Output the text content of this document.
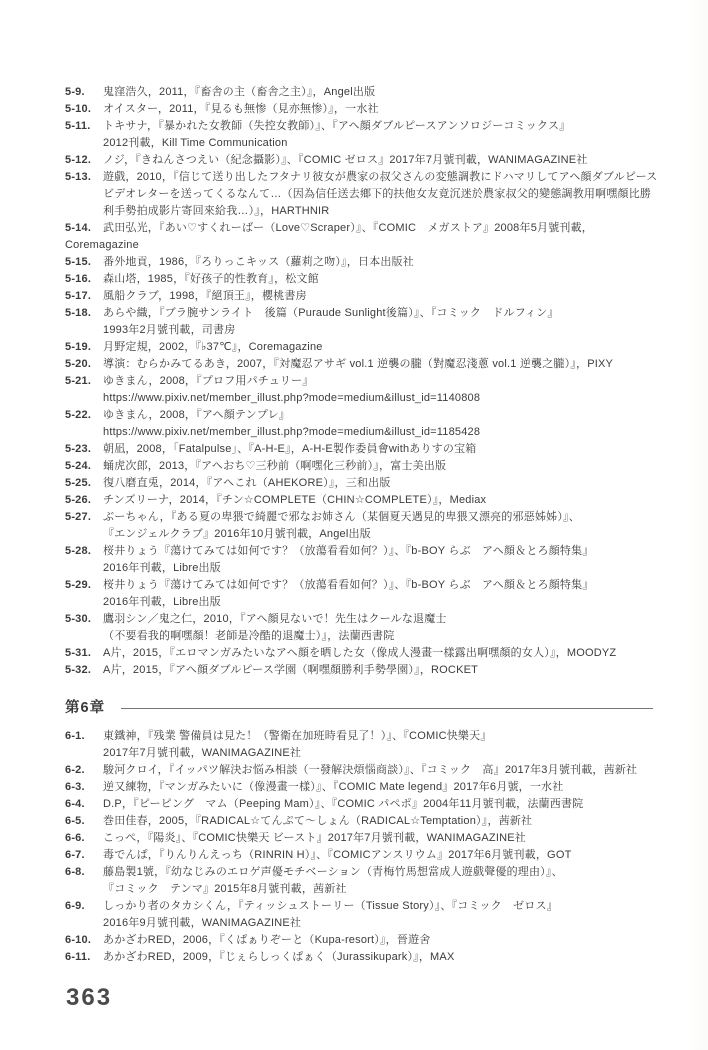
5-9.	鬼窪浩久，2011，『畜舎の主（畜舎之主）』，Angel出版
5-10.	オイスター，2011，『見るも無惨（見亦無惨）』，一水社
5-11.	トキサナ，『暴かれた女教師（失控女教師）』、『アヘ顔ダブルピースアンソロジーコミックス』
2012刊載，Kill Time Communication
5-12.	ノジ，『きねんさつえい（紀念攝影）』、『COMIC ゼロス』2017年7月號刊載，WANIMAGAZINE社
5-13.	遊戲，2010，『信じて送り出したフタナリ彼女が農家の叔父さんの変態調教にドハマリしてアヘ顔ダブルピース
ビデオレターを送ってくるなんて…（因為信任送去鄉下的扶他女友竟沉迷於農家叔父的變態調教用啊嘿顏比勝
利手勢拍成影片寄回來給我…）』，HARTHNIR
5-14.	武田弘光，『あい♡すくれーばー（Love♡Scraper）』、『COMIC　メガストア』2008年5月號刊載，
Coremagazine
5-15.	番外地貢，1986，『ろりっこキッス（蘿莉之吻）』，日本出版社
5-16.	森山塔，1985，『好孩子的性教育』，松文館
5-17.	風船クラブ，1998，『絕頂王』，櫻桃書房
5-18.	あらや織，『ブラ腕サンライト　後篇（Puraude Sunlight後篇）』、『コミック　ドルフィン』
1993年2月號刊載，司書房
5-19.	月野定規，2002，『♭37℃』，Coremagazine
5-20.	導演：むらかみてるあき，2007，『対魔忍アサギ vol.1 逆襲の朧（對魔忍淺蔥 vol.1 逆襲之朧）』，PIXY
5-21.	ゆきまん，2008，『プロフ用パチュリー』
https://www.pixiv.net/member_illust.php?mode=medium&illust_id=1140808
5-22.	ゆきまん，2008，『アヘ顔テンプレ』
https://www.pixiv.net/member_illust.php?mode=medium&illust_id=1185428
5-23.	朝凪，2008，「Fatalpulse」、『A-H-E』，A-H-E製作委員會withありすの宝箱
5-24.	蛹虎次郎，2013，『アヘおち♡三秒前（啊嘿化三秒前）』，富士美出版
5-25.	復八磨直兎，2014，『アヘこれ（AHEKORE）』，三和出版
5-26.	チンズリーナ，2014，『チン☆COMPLETE（CHIN☆COMPLETE）』，Mediax
5-27.	ぶーちゃん，『ある夏の卑猥で綺麗で邪なお姉さん（某個夏天遇見的卑猥又漂亮的邪惡姊姊）』、
『エンジェルクラブ』2016年10月號刊載，Angel出版
5-28.	桜井りょう『蕩けてみては如何です？（放蕩看看如何？）』、『b-BOY らぶ　アヘ顔＆とろ顔特集』
2016年刊載，Libre出版
5-29.	桜井りょう『蕩けてみては如何です？（放蕩看看如何？）』、『b-BOY らぶ　アヘ顔＆とろ顔特集』
2016年刊載，Libre出版
5-30.	鷹羽シン／鬼之仁，2010，『アヘ顔見ないで！先生はクールな退魔士
（不要看我的啊嘿顏！老師是冷酷的退魔士）』，法蘭西書院
5-31.	A片，2015，『エロマンガみたいなアヘ顔を晒した女（像成人漫畫一樣露出啊嘿顏的女人）』，MOODYZ
5-32.	A片，2015，『アヘ顔ダブルピース学園（啊嘿顏勝利手勢學園）』，ROCKET
第6章
6-1.	東鐵神，『残業 警備員は見た！（警衛在加班時看見了！）』、『COMIC快樂天』
2017年7月號刊載，WANIMAGAZINE社
6-2.	駿河クロイ，『イッパツ解決お悩み相談（一發解決煩惱商談）』、『コミック　高』2017年3月號刊載，茜新社
6-3.	逆又練物，『マンガみたいに（像漫畫一樣）』、『COMIC Mate legend』2017年6月號，一水社
6-4.	D.P，『ピーピング　マム（Peeping Mam）』、『COMIC パペポ』2004年11月號刊載，法蘭西書院
6-5.	巻田佳春，2005，『RADICAL☆てんぷて〜しょん（RADICAL☆Temptation）』，茜新社
6-6.	こっぺ，『陽炎』、『COMIC快樂天 ビースト』2017年7月號刊載，WANIMAGAZINE社
6-7.	毒でんぱ，『りんりんえっち（RINRIN H）』、『COMICアンスリウム』2017年6月號刊載，GOT
6-8.	藤島製1號，『幼なじみのエロゲ声優モチベーション（青梅竹馬想當成人遊戲聲優的理由）』、
『コミック　テンマ』2015年8月號刊載，茜新社
6-9.	しっかり者のタカシくん，『ティッシュストーリー（Tissue Story）』、『コミック　ゼロス』
2016年9月號刊載，WANIMAGAZINE社
6-10.	あかざわRED，2006，『くぱぁりぞーと（Kupa-resort）』，晉遊舍
6-11.	あかざわRED，2009，『じぇらしっくぱぁく（Jurassikupark）』，MAX
363
